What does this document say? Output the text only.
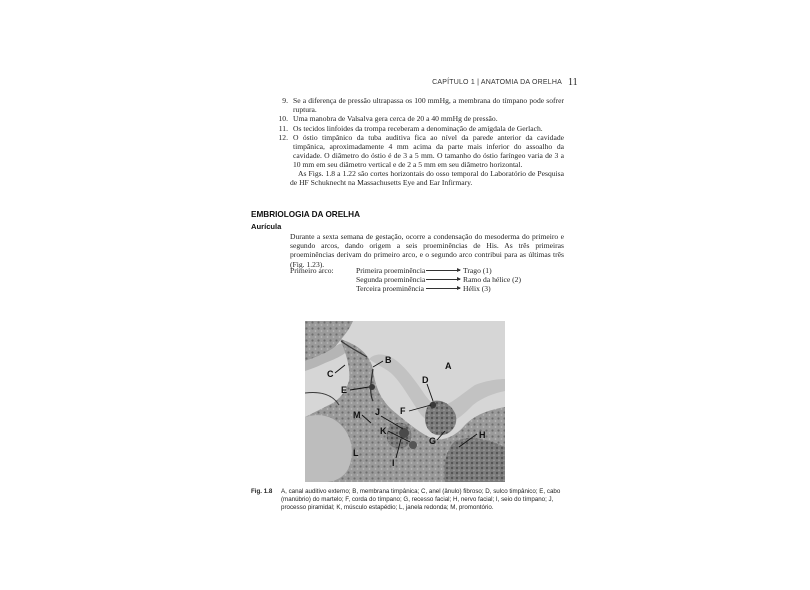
CAPÍTULO 1 | ANATOMIA DA ORELHA 11
9. Se a diferença de pressão ultrapassa os 100 mmHg, a membrana do tímpano pode sofrer ruptura.
10. Uma manobra de Valsalva gera cerca de 20 a 40 mmHg de pressão.
11. Os tecidos linfoides da trompa receberam a denominação de amígdala de Gerlach.
12. O óstio timpânico da tuba auditiva fica ao nível da parede anterior da cavidade timpânica, aproximadamente 4 mm acima da parte mais inferior do assoalho da cavidade. O diâmetro do óstio é de 3 a 5 mm. O tamanho do óstio faríngeo varia de 3 a 10 mm em seu diâmetro vertical e de 2 a 5 mm em seu diâmetro horizontal.
As Figs. 1.8 a 1.22 são cortes horizontais do osso temporal do Laboratório de Pesquisa de HF Schuknecht na Massachusetts Eye and Ear Infirmary.
EMBRIOLOGIA DA ORELHA
Aurícula
Durante a sexta semana de gestação, ocorre a condensação do mesoderma do primeiro e segundo arcos, dando origem a seis proeminências de His. As três primeiras proeminências derivam do primeiro arco, e o segundo arco contribui para as últimas três (Fig. 1.23).
Primeiro arco:	Primeira proeminência	Trago (1)
Segunda proeminência	Ramo da hélice (2)
Terceira proeminência	Hélix (3)
A
B
C
D
E
F
G
H
I
J
K
L
M
Fig. 1.8	A, canal auditivo externo; B, membrana timpânica; C, anel (ânulo) fibroso; D, sulco timpânico; E, cabo (manúbrio) do martelo; F, corda do tímpano; G, recesso facial; H, nervo facial; I, seio do tímpano; J, processo piramidal; K, músculo estapédio; L, janela redonda; M, promontório.
